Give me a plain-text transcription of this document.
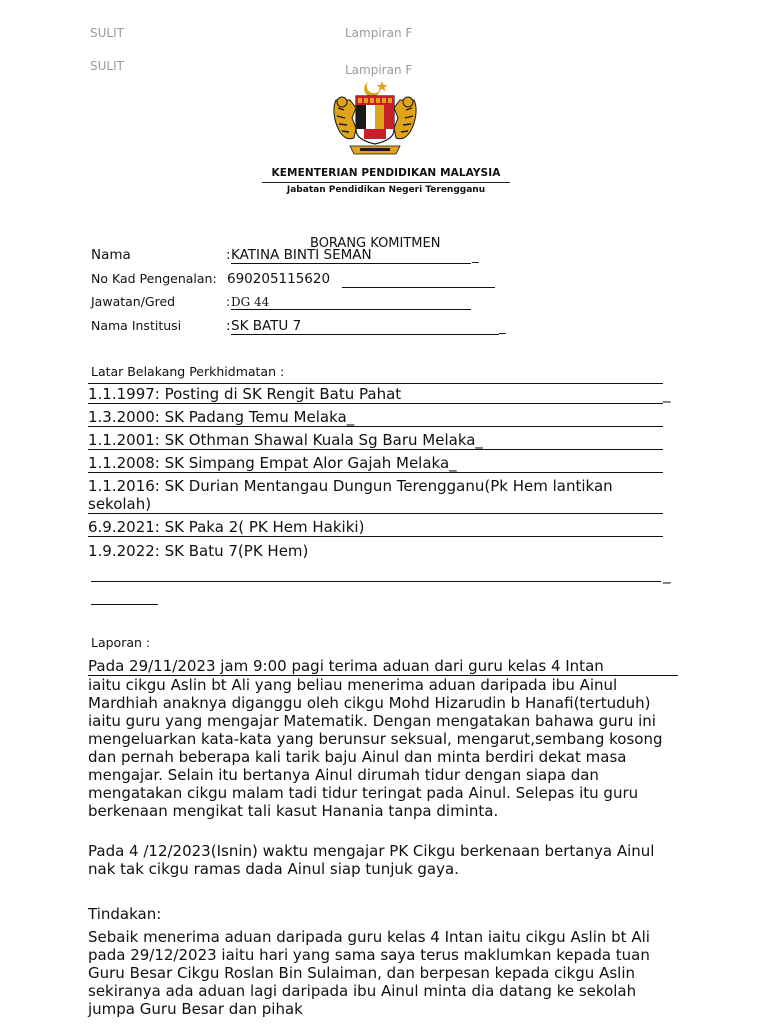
SULIT	Lampiran F
SULIT	Lampiran F
KEMENTERIAN PENDIDIKAN MALAYSIA
Jabatan Pendidikan Negeri Terengganu
BORANG KOMITMEN
Nama	: KATINA BINTI SEMAN	_
No Kad Pengenalan: 690205115620
Jawatan/Gred	: DG 44
Nama Institusi	: SK BATU 7	_
Latar Belakang Perkhidmatan :
1.1.1997: Posting di SK Rengit Batu Pahat	_
1.3.2000: SK Padang Temu Melaka_
1.1.2001: SK Othman Shawal Kuala Sg Baru Melaka_
1.1.2008: SK Simpang Empat Alor Gajah Melaka_
1.1.2016: SK Durian Mentangau Dungun Terengganu(Pk Hem lantikan sekolah)
6.9.2021: SK Paka 2( PK Hem Hakiki)
1.9.2022: SK Batu 7(PK Hem)
_
Laporan :
Pada 29/11/2023 jam 9:00 pagi terima aduan dari guru kelas 4 Intan
iaitu cikgu Aslin bt Ali yang beliau menerima aduan daripada ibu Ainul Mardhiah anaknya diganggu oleh cikgu Mohd Hizarudin b Hanafi(tertuduh) iaitu guru yang mengajar Matematik. Dengan mengatakan bahawa guru ini mengeluarkan kata-kata yang berunsur seksual, mengarut,sembang kosong dan pernah beberapa kali tarik baju Ainul dan minta berdiri dekat masa mengajar. Selain itu bertanya Ainul dirumah tidur dengan siapa dan mengatakan cikgu malam tadi tidur teringat pada Ainul. Selepas itu guru berkenaan mengikat tali kasut Hanania tanpa diminta.
Pada 4 /12/2023(Isnin) waktu mengajar PK Cikgu berkenaan bertanya Ainul nak tak cikgu ramas dada Ainul siap tunjuk gaya.
Tindakan:
Sebaik menerima aduan daripada guru kelas 4 Intan iaitu cikgu Aslin bt Ali pada 29/12/2023 iaitu hari yang sama saya terus maklumkan kepada tuan Guru Besar Cikgu Roslan Bin Sulaiman, dan berpesan kepada cikgu Aslin sekiranya ada aduan lagi daripada ibu Ainul minta dia datang ke sekolah jumpa Guru Besar dan pihak
